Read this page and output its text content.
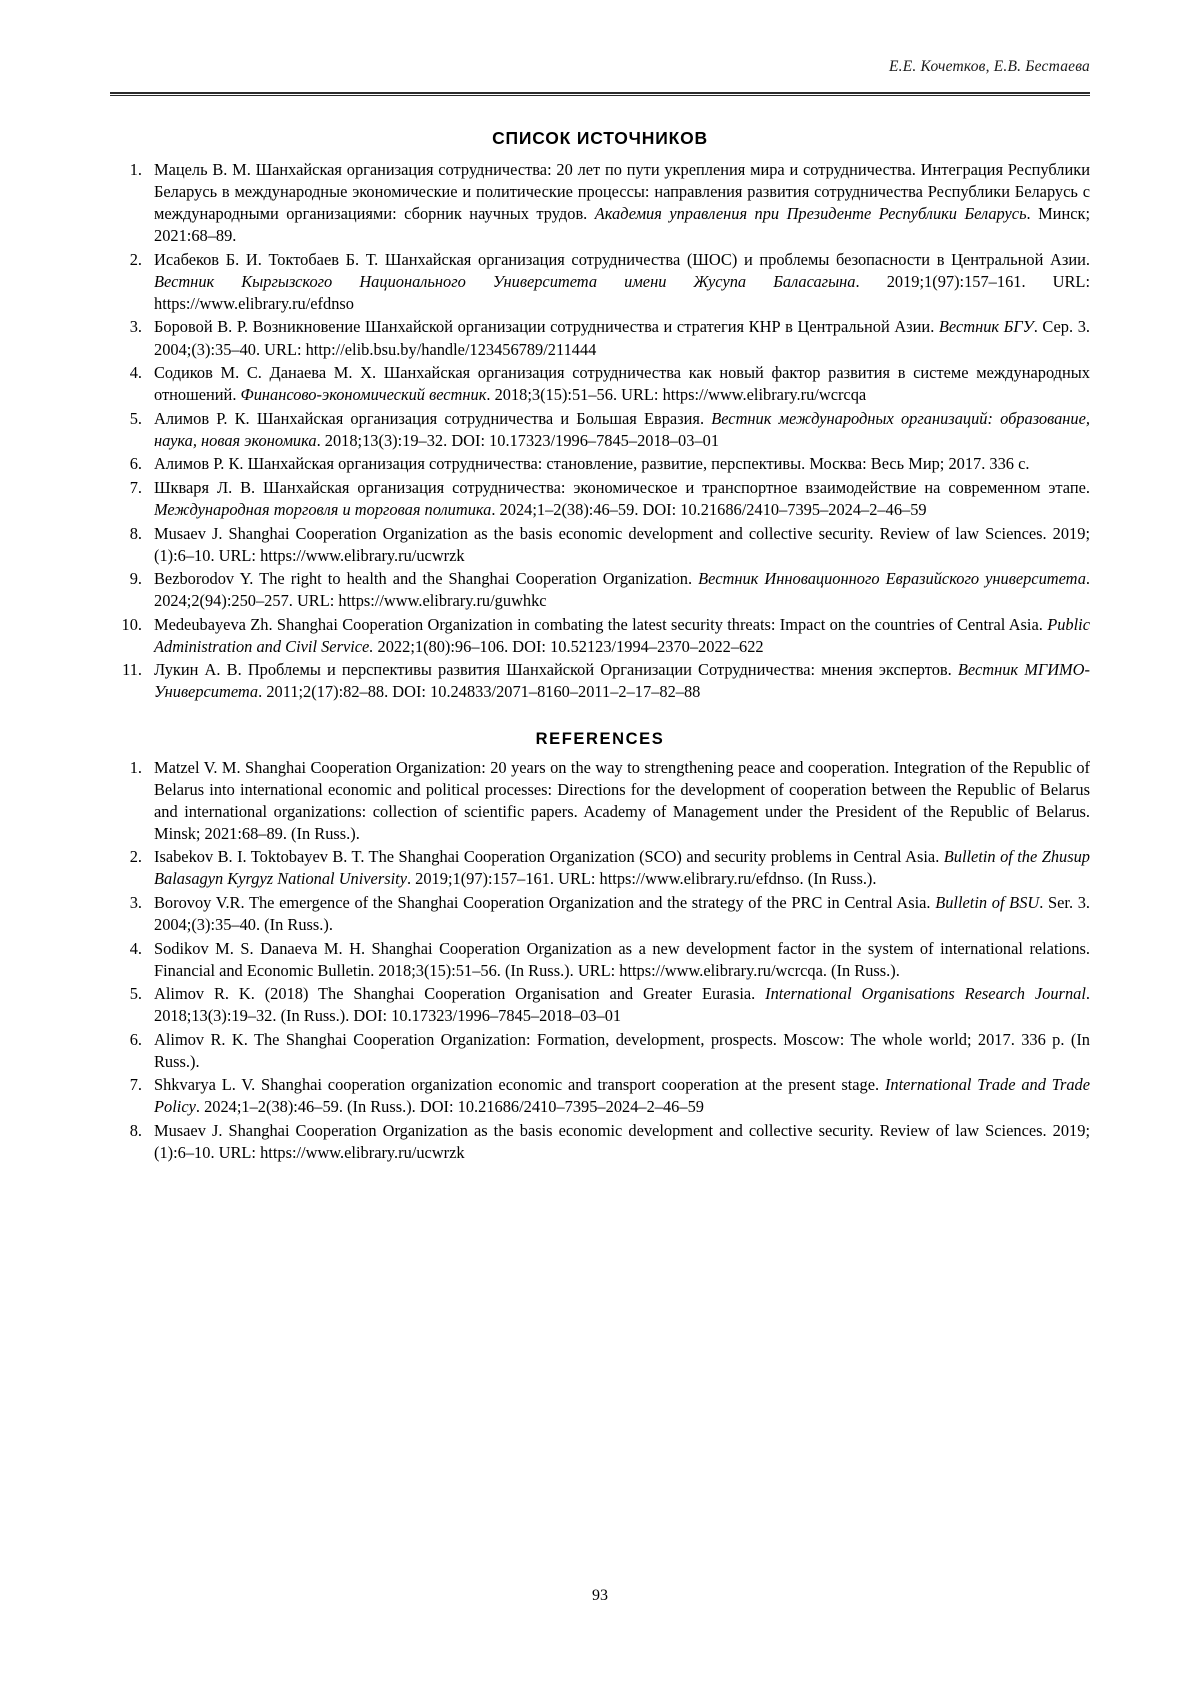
Е.Е. Кочетков, Е.В. Бестаева
СПИСОК ИСТОЧНИКОВ
1. Мацель В. М. Шанхайская организация сотрудничества: 20 лет по пути укрепления мира и сотрудничества. Интеграция Республики Беларусь в международные экономические и политические процессы: направления развития сотрудничества Республики Беларусь с международными организациями: сборник научных трудов. Академия управления при Президенте Республики Беларусь. Минск; 2021:68–89.
2. Исабеков Б. И. Токтобаев Б. Т. Шанхайская организация сотрудничества (ШОС) и проблемы безопасности в Центральной Азии. Вестник Кыргызского Национального Университета имени Жусупа Баласагына. 2019;1(97):157–161. URL: https://www.elibrary.ru/efdnso
3. Боровой В. Р. Возникновение Шанхайской организации сотрудничества и стратегия КНР в Центральной Азии. Вестник БГУ. Сер. 3. 2004;(3):35–40. URL: http://elib.bsu.by/handle/123456789/211444
4. Содиков М. С. Данаева М. Х. Шанхайская организация сотрудничества как новый фактор развития в системе международных отношений. Финансово-экономический вестник. 2018;3(15):51–56. URL: https://www.elibrary.ru/wcrcqa
5. Алимов Р. К. Шанхайская организация сотрудничества и Большая Евразия. Вестник международных организаций: образование, наука, новая экономика. 2018;13(3):19–32. DOI: 10.17323/1996–7845–2018–03–01
6. Алимов Р. К. Шанхайская организация сотрудничества: становление, развитие, перспективы. Москва: Весь Мир; 2017. 336 с.
7. Шкваря Л. В. Шанхайская организация сотрудничества: экономическое и транспортное взаимодействие на современном этапе. Международная торговля и торговая политика. 2024;1–2(38):46–59. DOI: 10.21686/2410–7395–2024–2–46–59
8. Musaev J. Shanghai Cooperation Organization as the basis economic development and collective security. Review of law Sciences. 2019;(1):6–10. URL: https://www.elibrary.ru/ucwrzk
9. Bezborodov Y. The right to health and the Shanghai Cooperation Organization. Вестник Инновационного Евразийского университета. 2024;2(94):250–257. URL: https://www.elibrary.ru/guwhkc
10. Medeubayeva Zh. Shanghai Cooperation Organization in combating the latest security threats: Impact on the countries of Central Asia. Public Administration and Civil Service. 2022;1(80):96–106. DOI: 10.52123/1994–2370–2022–622
11. Лукин А. В. Проблемы и перспективы развития Шанхайской Организации Сотрудничества: мнения экспертов. Вестник МГИМО-Университета. 2011;2(17):82–88. DOI: 10.24833/2071–8160–2011–2–17–82–88
REFERENCES
1. Matzel V. M. Shanghai Cooperation Organization: 20 years on the way to strengthening peace and cooperation. Integration of the Republic of Belarus into international economic and political processes: Directions for the development of cooperation between the Republic of Belarus and international organizations: collection of scientific papers. Academy of Management under the President of the Republic of Belarus. Minsk; 2021:68–89. (In Russ.).
2. Isabekov B. I. Toktobayev B. T. The Shanghai Cooperation Organization (SCO) and security problems in Central Asia. Bulletin of the Zhusup Balasagyn Kyrgyz National University. 2019;1(97):157–161. URL: https://www.elibrary.ru/efdnso. (In Russ.).
3. Borovoy V.R. The emergence of the Shanghai Cooperation Organization and the strategy of the PRC in Central Asia. Bulletin of BSU. Ser. 3. 2004;(3):35–40. (In Russ.).
4. Sodikov M. S. Danaeva M. H. Shanghai Cooperation Organization as a new development factor in the system of international relations. Financial and Economic Bulletin. 2018;3(15):51–56. (In Russ.). URL: https://www.elibrary.ru/wcrcqa. (In Russ.).
5. Alimov R. K. (2018) The Shanghai Cooperation Organisation and Greater Eurasia. International Organisations Research Journal. 2018;13(3):19–32. (In Russ.). DOI: 10.17323/1996–7845–2018–03–01
6. Alimov R. K. The Shanghai Cooperation Organization: Formation, development, prospects. Moscow: The whole world; 2017. 336 p. (In Russ.).
7. Shkvarya L. V. Shanghai cooperation organization economic and transport cooperation at the present stage. International Trade and Trade Policy. 2024;1–2(38):46–59. (In Russ.). DOI: 10.21686/2410–7395–2024–2–46–59
8. Musaev J. Shanghai Cooperation Organization as the basis economic development and collective security. Review of law Sciences. 2019;(1):6–10. URL: https://www.elibrary.ru/ucwrzk
93
